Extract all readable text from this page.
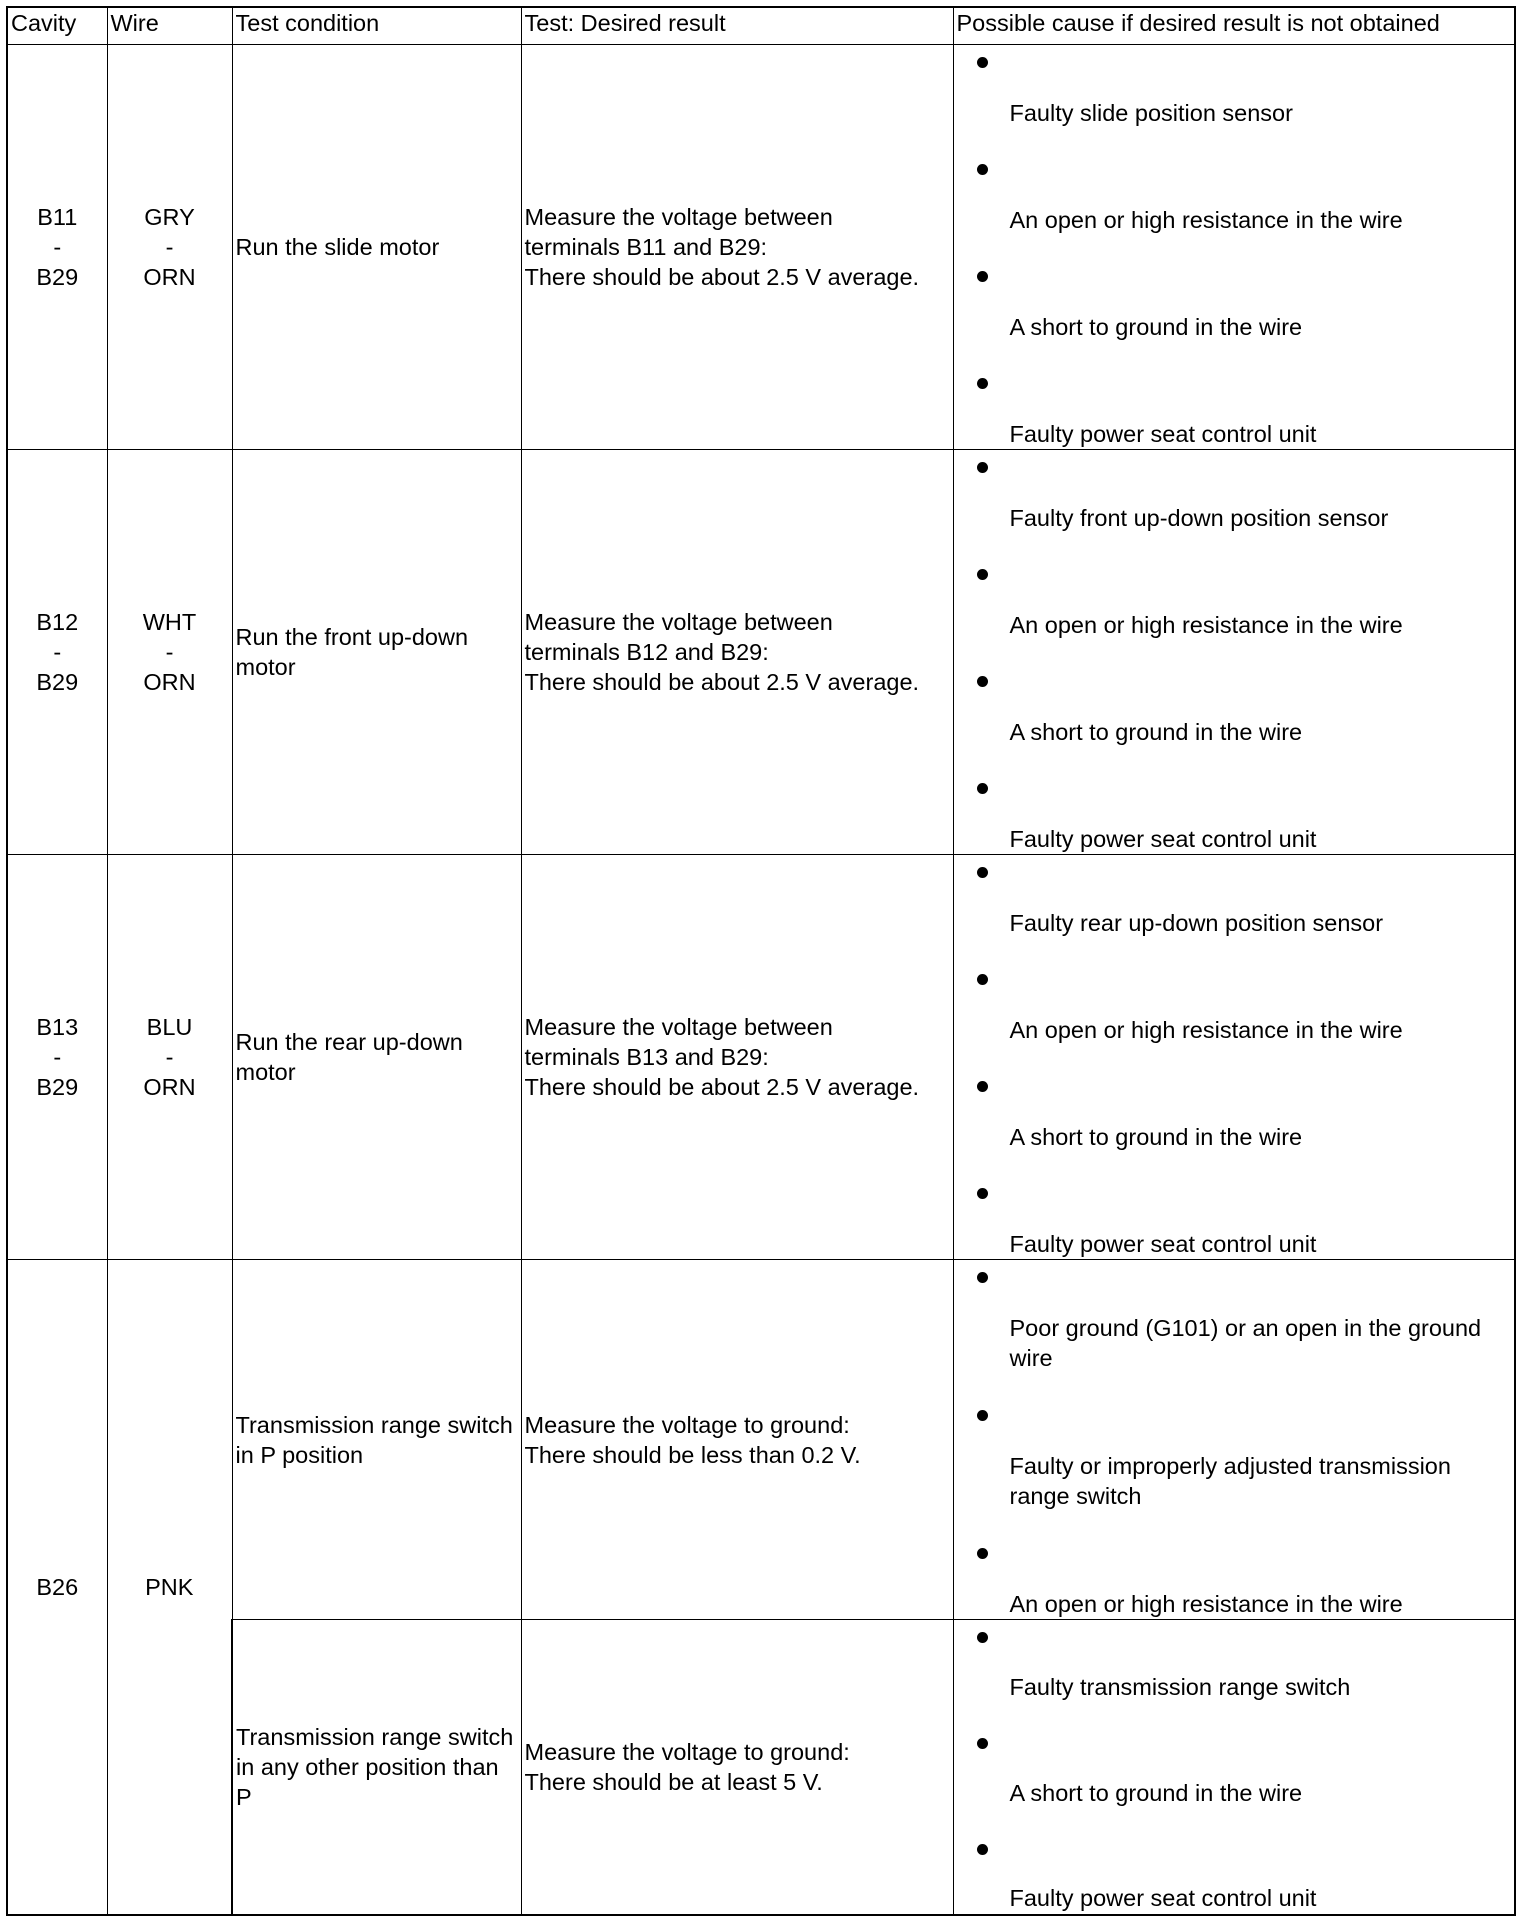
Cavity	Wire	Test condition	Test: Desired result	Possible cause if desired result is not obtained

B11
-
B29	GRY
-
ORN	Run the slide motor	Measure the voltage between
terminals B11 and B29:
There should be about 2.5 V average.	Faulty slide position sensor
An open or high resistance in the wire
A short to ground in the wire
Faulty power seat control unit

B12
-
B29	WHT
-
ORN	Run the front up-down motor	Measure the voltage between
terminals B12 and B29:
There should be about 2.5 V average.	Faulty front up-down position sensor
An open or high resistance in the wire
A short to ground in the wire
Faulty power seat control unit

B13
-
B29	BLU
-
ORN	Run the rear up-down motor	Measure the voltage between
terminals B13 and B29:
There should be about 2.5 V average.	Faulty rear up-down position sensor
An open or high resistance in the wire
A short to ground in the wire
Faulty power seat control unit

B26	PNK	Transmission range switch in P position	Measure the voltage to ground:
There should be less than 0.2 V.	Poor ground (G101) or an open in the ground wire
Faulty or improperly adjusted transmission range switch
An open or high resistance in the wire

		Transmission range switch in any other position than P	Measure the voltage to ground:
There should be at least 5 V.	Faulty transmission range switch
A short to ground in the wire
Faulty power seat control unit
